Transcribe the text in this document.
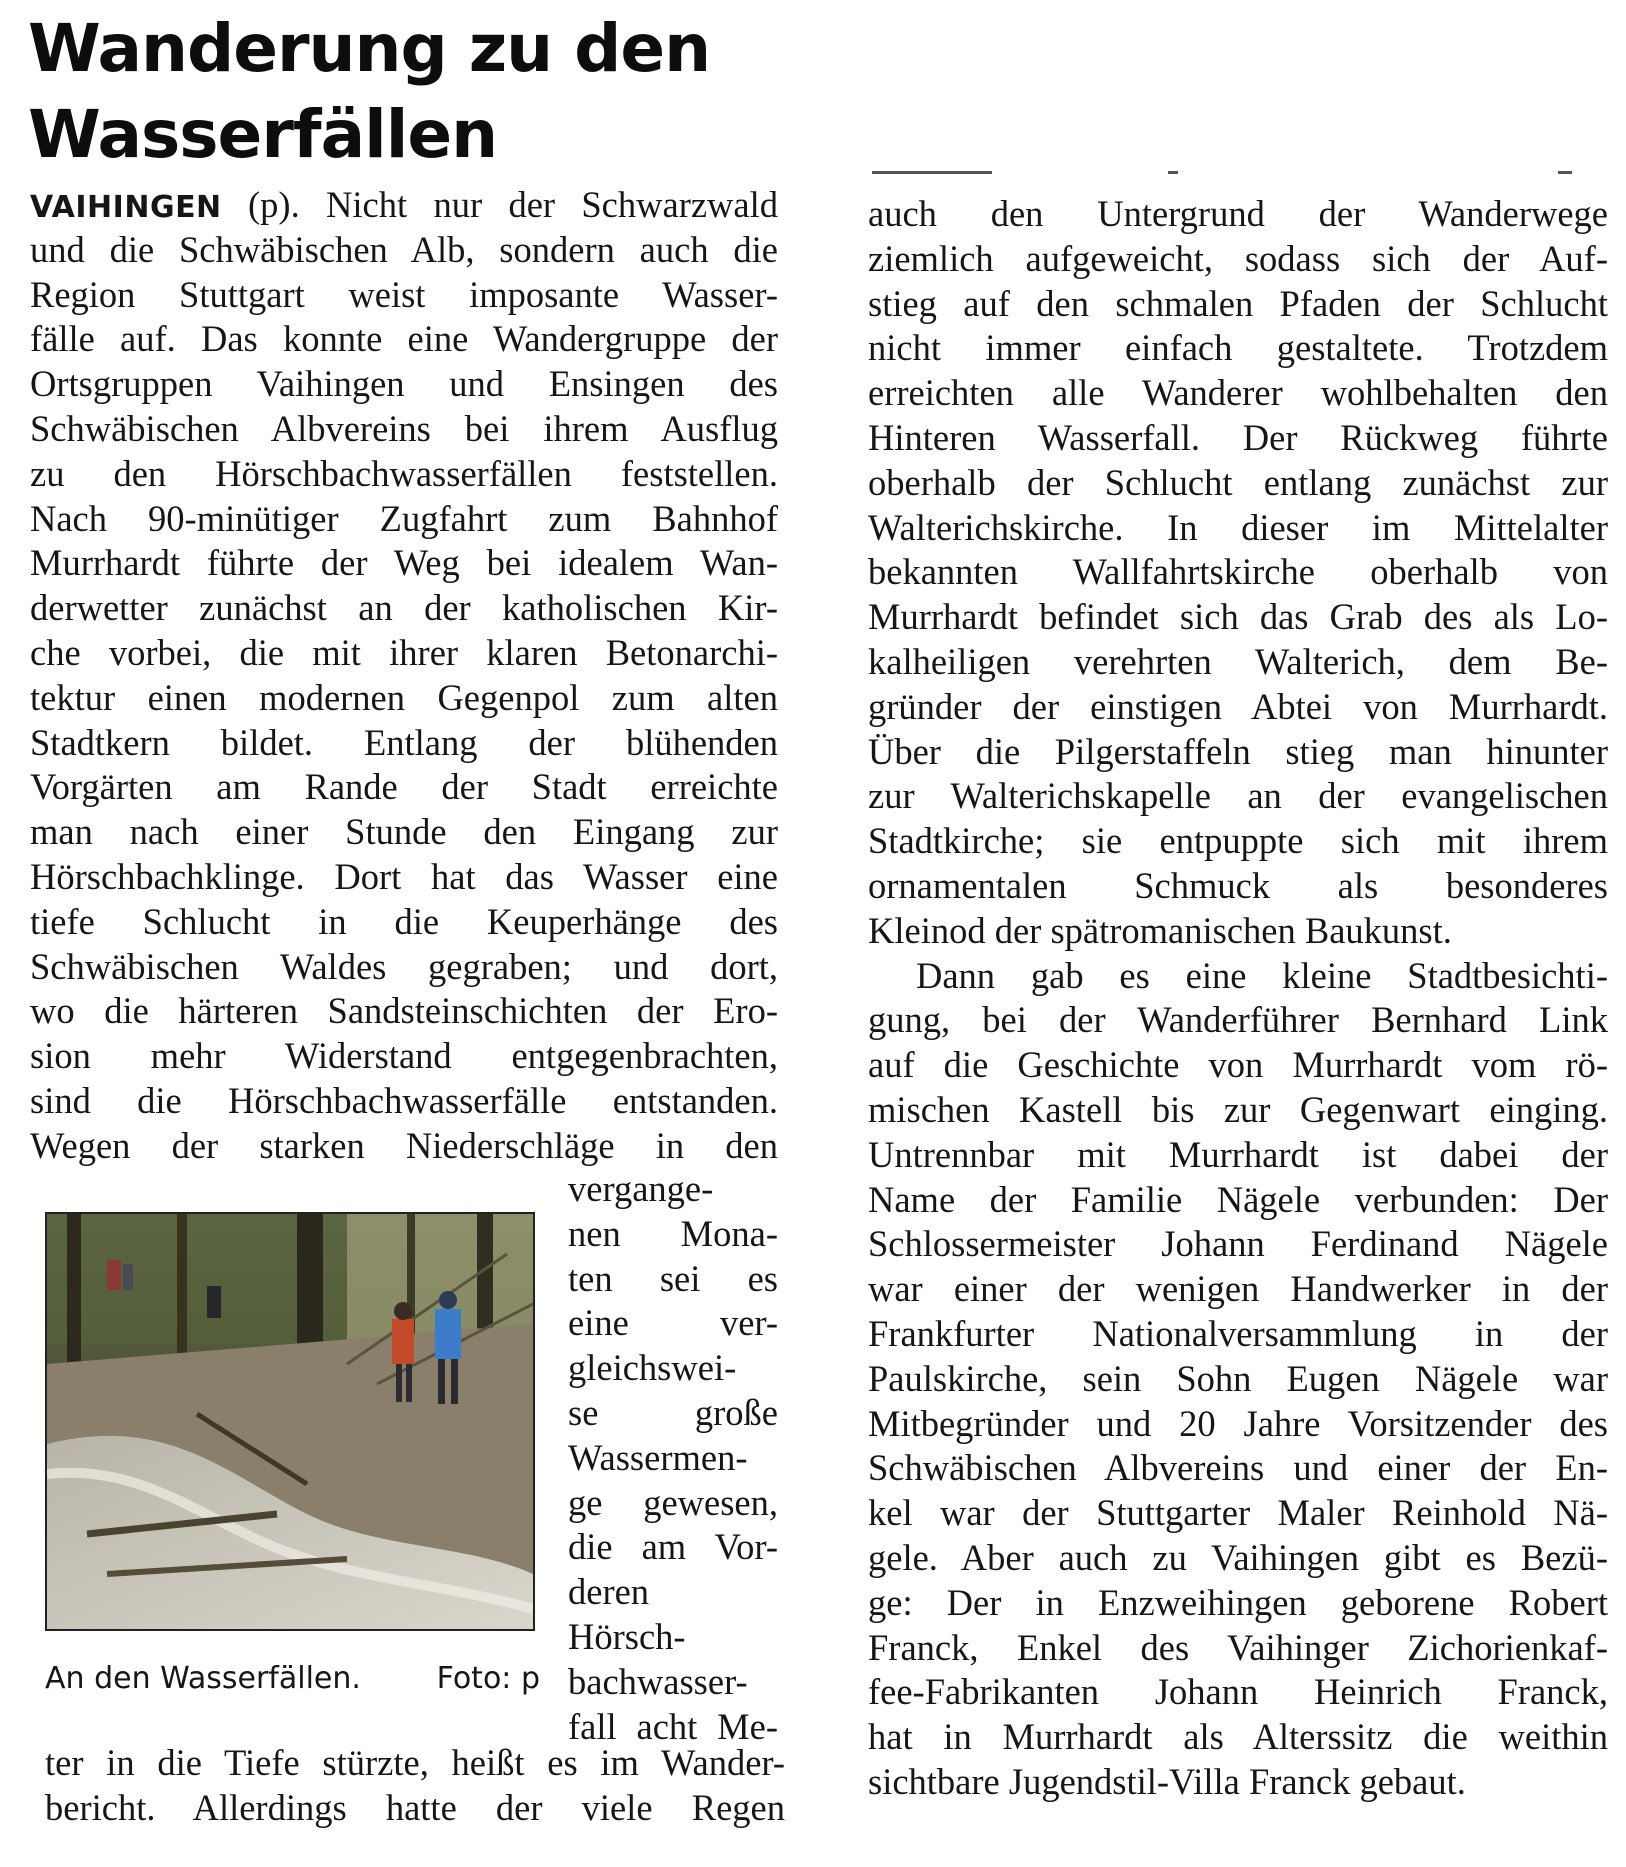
Wanderung zu den
Wasserfällen
VAIHINGEN (p). Nicht nur der Schwarzwald
und die Schwäbischen Alb, sondern auch die
Region Stuttgart weist imposante Wasser-
fälle auf. Das konnte eine Wandergruppe der
Ortsgruppen Vaihingen und Ensingen des
Schwäbischen Albvereins bei ihrem Ausflug
zu den Hörschbachwasserfällen feststellen.
Nach 90-minütiger Zugfahrt zum Bahnhof
Murrhardt führte der Weg bei idealem Wan-
derwetter zunächst an der katholischen Kir-
che vorbei, die mit ihrer klaren Betonarchi-
tektur einen modernen Gegenpol zum alten
Stadtkern bildet. Entlang der blühenden
Vorgärten am Rande der Stadt erreichte
man nach einer Stunde den Eingang zur
Hörschbachklinge. Dort hat das Wasser eine
tiefe Schlucht in die Keuperhänge des
Schwäbischen Waldes gegraben; und dort,
wo die härteren Sandsteinschichten der Ero-
sion mehr Widerstand entgegenbrachten,
sind die Hörschbachwasserfälle entstanden.
Wegen der starken Niederschläge in den
vergange-
nen Mona-
ten sei es
eine ver-
gleichswei-
se große
Wassermen-
ge gewesen,
die am Vor-
deren
Hörsch-
bachwasser-
fall acht Me-
ter in die Tiefe stürzte, heißt es im Wander-
bericht. Allerdings hatte der viele Regen
auch den Untergrund der Wanderwege
ziemlich aufgeweicht, sodass sich der Auf-
stieg auf den schmalen Pfaden der Schlucht
nicht immer einfach gestaltete. Trotzdem
erreichten alle Wanderer wohlbehalten den
Hinteren Wasserfall. Der Rückweg führte
oberhalb der Schlucht entlang zunächst zur
Walterichskirche. In dieser im Mittelalter
bekannten Wallfahrtskirche oberhalb von
Murrhardt befindet sich das Grab des als Lo-
kalheiligen verehrten Walterich, dem Be-
gründer der einstigen Abtei von Murrhardt.
Über die Pilgerstaffeln stieg man hinunter
zur Walterichskapelle an der evangelischen
Stadtkirche; sie entpuppte sich mit ihrem
ornamentalen Schmuck als besonderes
Kleinod der spätromanischen Baukunst.
Dann gab es eine kleine Stadtbesichti-
gung, bei der Wanderführer Bernhard Link
auf die Geschichte von Murrhardt vom rö-
mischen Kastell bis zur Gegenwart einging.
Untrennbar mit Murrhardt ist dabei der
Name der Familie Nägele verbunden: Der
Schlossermeister Johann Ferdinand Nägele
war einer der wenigen Handwerker in der
Frankfurter Nationalversammlung in der
Paulskirche, sein Sohn Eugen Nägele war
Mitbegründer und 20 Jahre Vorsitzender des
Schwäbischen Albvereins und einer der En-
kel war der Stuttgarter Maler Reinhold Nä-
gele. Aber auch zu Vaihingen gibt es Bezü-
ge: Der in Enzweihingen geborene Robert
Franck, Enkel des Vaihinger Zichorienkaf-
fee-Fabrikanten Johann Heinrich Franck,
hat in Murrhardt als Alterssitz die weithin
sichtbare Jugendstil-Villa Franck gebaut.
An den Wasserfällen.	Foto: p
